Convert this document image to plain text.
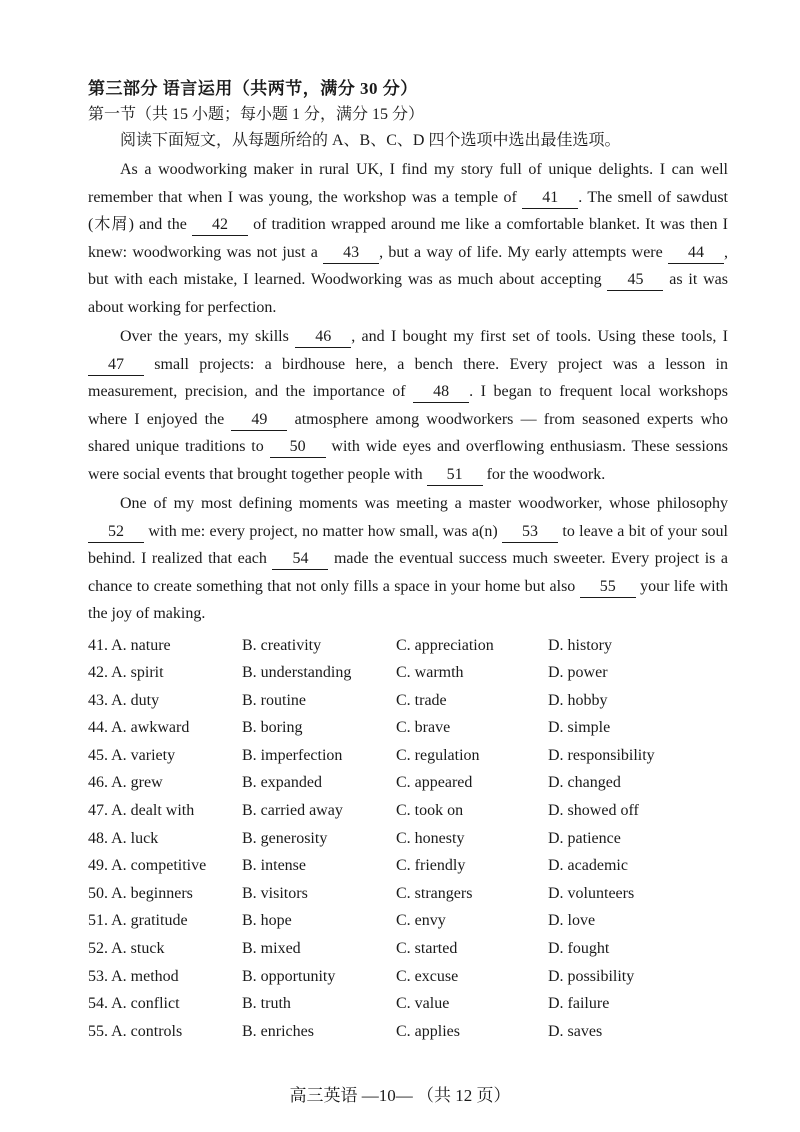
第三部分 语言运用（共两节，满分 30 分）
第一节（共 15 小题；每小题 1 分，满分 15 分）
阅读下面短文，从每题所给的 A、B、C、D 四个选项中选出最佳选项。

As a woodworking maker in rural UK, I find my story full of unique delights. I can well remember that when I was young, the workshop was a temple of 41 . The smell of sawdust (木屑) and the 42 of tradition wrapped around me like a comfortable blanket. It was then I knew: woodworking was not just a 43 , but a way of life. My early attempts were 44 , but with each mistake, I learned. Woodworking was as much about accepting 45 as it was about working for perfection.

Over the years, my skills 46 , and I bought my first set of tools. Using these tools, I 47 small projects: a birdhouse here, a bench there. Every project was a lesson in measurement, precision, and the importance of 48 . I began to frequent local workshops where I enjoyed the 49 atmosphere among woodworkers — from seasoned experts who shared unique traditions to 50 with wide eyes and overflowing enthusiasm. These sessions were social events that brought together people with 51 for the woodwork.

One of my most defining moments was meeting a master woodworker, whose philosophy 52 with me: every project, no matter how small, was a(n) 53 to leave a bit of your soul behind. I realized that each 54 made the eventual success much sweeter. Every project is a chance to create something that not only fills a space in your home but also 55 your life with the joy of making.

41. A. nature	B. creativity	C. appreciation	D. history
42. A. spirit	B. understanding	C. warmth	D. power
43. A. duty	B. routine	C. trade	D. hobby
44. A. awkward	B. boring	C. brave	D. simple
45. A. variety	B. imperfection	C. regulation	D. responsibility
46. A. grew	B. expanded	C. appeared	D. changed
47. A. dealt with	B. carried away	C. took on	D. showed off
48. A. luck	B. generosity	C. honesty	D. patience
49. A. competitive	B. intense	C. friendly	D. academic
50. A. beginners	B. visitors	C. strangers	D. volunteers
51. A. gratitude	B. hope	C. envy	D. love
52. A. stuck	B. mixed	C. started	D. fought
53. A. method	B. opportunity	C. excuse	D. possibility
54. A. conflict	B. truth	C. value	D. failure
55. A. controls	B. enriches	C. applies	D. saves
高三英语 —10— （共 12 页）
